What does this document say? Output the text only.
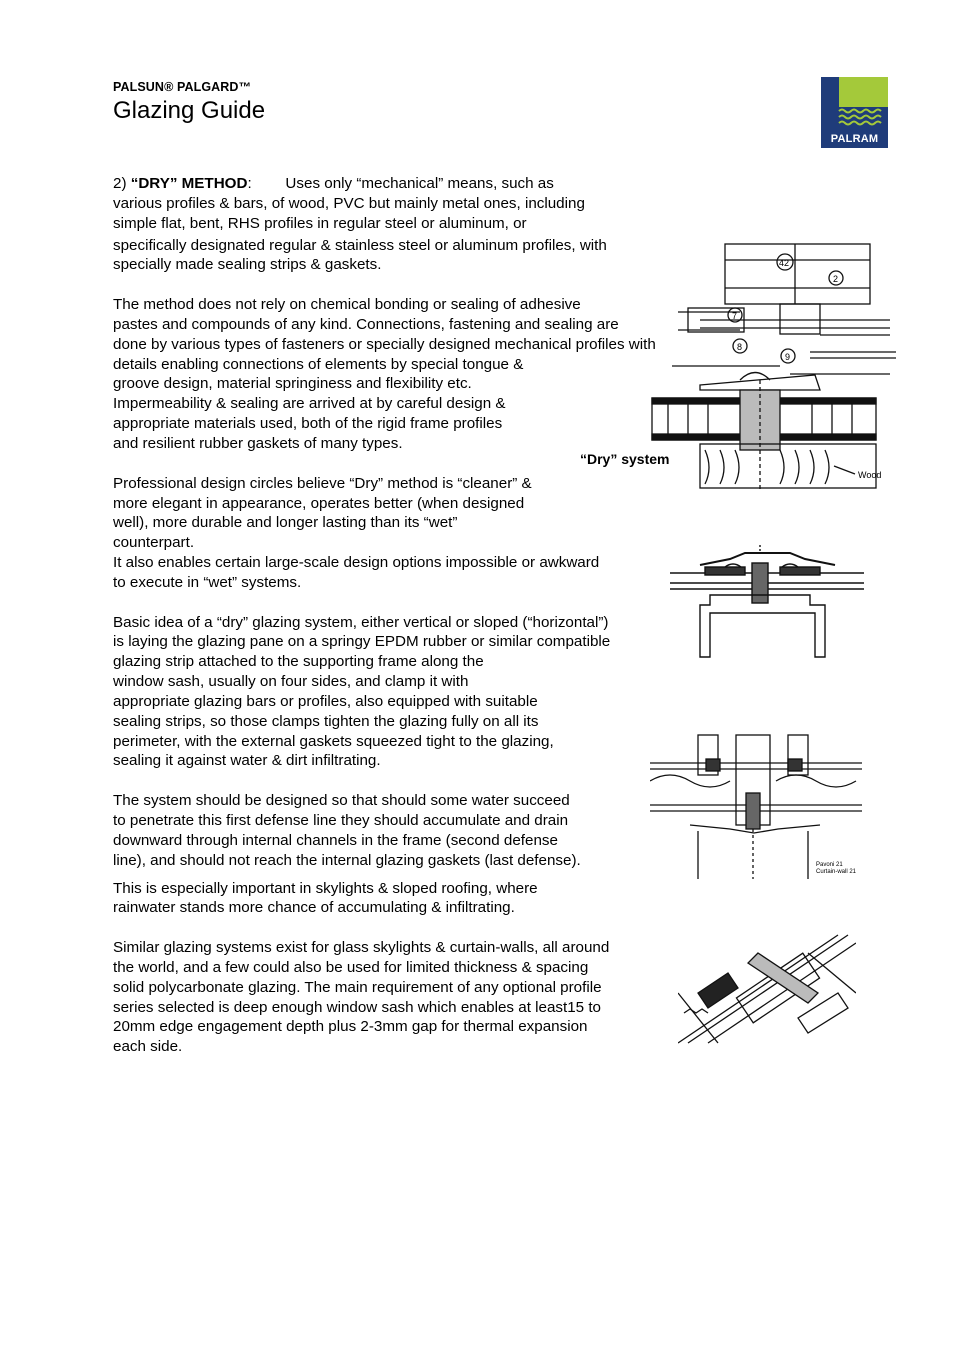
PALSUN® PALGARD™
Glazing Guide
PALRAM
2) “DRY” METHOD:        Uses only “mechanical” means, such as
various profiles & bars, of wood, PVC but mainly metal ones, including
simple flat, bent, RHS profiles in regular steel or aluminum, or
specifically designated regular & stainless steel or aluminum profiles, with
specially made sealing strips & gaskets.
The method does not rely on chemical bonding or sealing of adhesive
pastes and compounds of any kind. Connections, fastening and sealing are
done by various types of fasteners or specially designed mechanical profiles with
details enabling connections of elements by special tongue &
groove design, material springiness and flexibility etc.
Impermeability & sealing are arrived at by careful design &
appropriate materials used, both of the rigid frame profiles
and resilient rubber gaskets of many types.
Professional design circles believe “Dry” method is “cleaner” &
more elegant in appearance, operates better (when designed
well), more durable and longer lasting than its “wet”
counterpart.
It also enables certain large-scale design options impossible or awkward
to execute in “wet” systems.
Basic idea of a “dry” glazing system, either vertical or sloped (“horizontal”)
is laying the glazing pane on a springy EPDM rubber or similar compatible
glazing strip attached to the supporting frame along the
window sash, usually on four sides, and clamp it with
appropriate glazing bars or profiles, also equipped with suitable
sealing strips, so those clamps tighten the glazing fully on all its
perimeter, with the external gaskets squeezed tight to the glazing,
sealing it against water & dirt infiltrating.
The system should be designed so that should some water succeed
to penetrate this first defense line they should accumulate and drain
downward through internal channels in the frame (second defense
line), and should not reach the internal glazing gaskets (last defense).
This is especially important in skylights & sloped roofing, where
rainwater stands more chance of accumulating & infiltrating.
Similar glazing systems exist for glass skylights & curtain-walls, all around
the world, and a few could also be used for limited thickness & spacing
solid polycarbonate glazing. The main requirement of any optional profile
series selected is deep enough window sash which enables at least15 to
20mm edge engagement depth plus 2-3mm gap for thermal expansion
each side.
“Dry” system
Wood
42
2
7
8
9
Pavoni 21
Curtain-wall 21
